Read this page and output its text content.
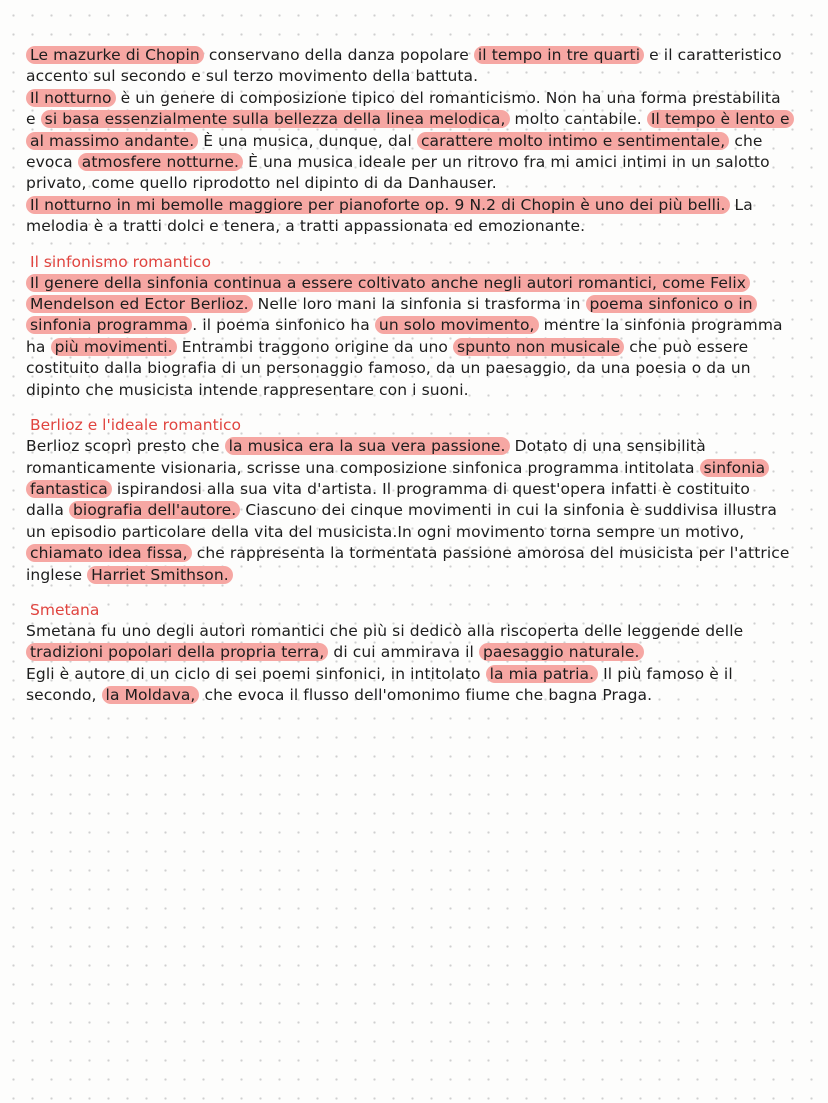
Le mazurke di Chopin conservano della danza popolare il tempo in tre quarti e il caratteristico accento sul secondo e sul terzo movimento della battuta.

Il notturno è un genere di composizione tipico del romanticismo. Non ha una forma prestabilita e si basa essenzialmente sulla bellezza della linea melodica, molto cantabile. Il tempo è lento e al massimo andante. È una musica, dunque, dal carattere molto intimo e sentimentale, che evoca atmosfere notturne. È una musica ideale per un ritrovo fra mi amici intimi in un salotto privato, come quello riprodotto nel dipinto di da Danhauser.

Il notturno in mi bemolle maggiore per pianoforte op. 9 N.2 di Chopin è uno dei più belli. La melodia è a tratti dolci e tenera, a tratti appassionata ed emozionante.

Il sinfonismo romantico

Il genere della sinfonia continua a essere coltivato anche negli autori romantici, come Felix Mendelson ed Ector Berlioz. Nelle loro mani la sinfonia si trasforma in poema sinfonico o in sinfonia programma . il poema sinfonico ha un solo movimento, mentre la sinfonia programma ha più movimenti. Entrambi traggono origine da uno spunto non musicale che può essere costituito dalla biografia di un personaggio famoso, da un paesaggio, da una poesia o da un dipinto che musicista intende rappresentare con i suoni.

Berlioz e l'ideale romantico

Berlioz scoprì presto che la musica era la sua vera passione. Dotato di una sensibilità romanticamente visionaria, scrisse una composizione sinfonica programma intitolata sinfonia fantastica ispirandosi alla sua vita d'artista. Il programma di quest'opera infatti è costituito dalla biografia dell'autore. Ciascuno dei cinque movimenti in cui la sinfonia è suddivisa illustra un episodio particolare della vita del musicista.In ogni movimento torna sempre un motivo, chiamato idea fissa, che rappresenta la tormentata passione amorosa del musicista per l'attrice inglese Harriet Smithson.

Smetana

Smetana fu uno degli autori romantici che più si dedicò alla riscoperta delle leggende delle tradizioni popolari della propria terra, di cui ammirava il paesaggio naturale.

Egli è autore di un ciclo di sei poemi sinfonici, in intitolato la mia patria. Il più famoso è il secondo, la Moldava, che evoca il flusso dell'omonimo fiume che bagna Praga.
